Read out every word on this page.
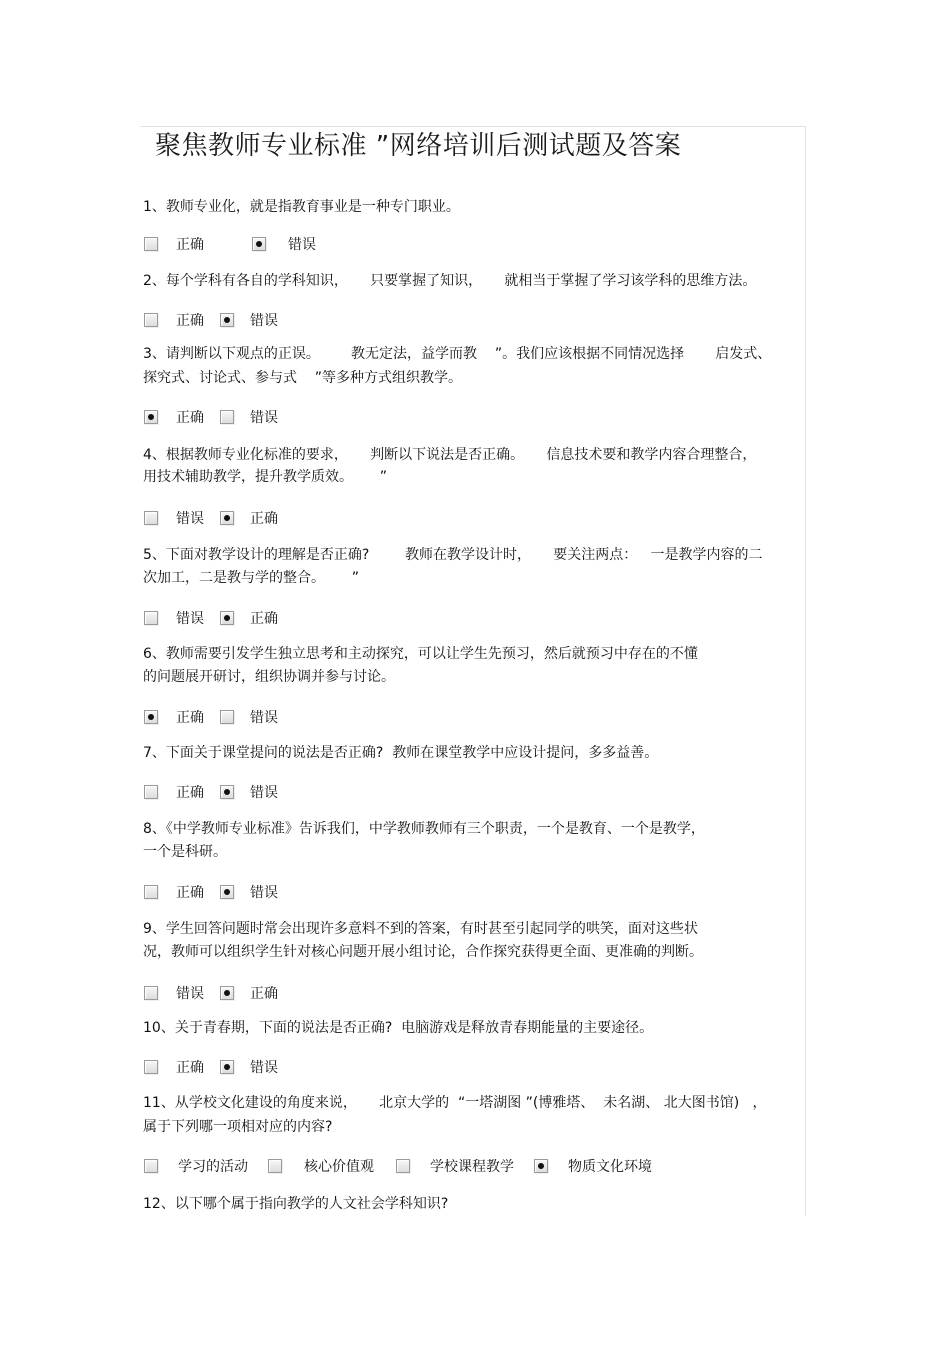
聚焦教师专业标准 ”网络培训后测试题及答案
1、教师专业化，就是指教育事业是一种专门职业。
正确	错误
2、每个学科有各自的学科知识，     只要掌握了知识，     就相当于掌握了学习该学科的思维方法。
正确	错误
3、请判断以下观点的正误。       教无定法，益学而教    ”。我们应该根据不同情况选择       启发式、
探究式、讨论式、参与式    ”等多种方式组织教学。
正确	错误
4、根据教师专业化标准的要求，     判断以下说法是否正确。     信息技术要和教学内容合理整合，
用技术辅助教学，提升教学质效。      ”
错误	正确
5、下面对教学设计的理解是否正确?        教师在教学设计时，     要关注两点：   一是教学内容的二
次加工，二是教与学的整合。      ”
错误	正确
6、教师需要引发学生独立思考和主动探究，可以让学生先预习，然后就预习中存在的不懂
的问题展开研讨，组织协调并参与讨论。
正确	错误
7、下面关于课堂提问的说法是否正确?  教师在课堂教学中应设计提问，多多益善。
正确	错误
8、《中学教师专业标准》告诉我们，中学教师教师有三个职责，一个是教育、一个是教学，
一个是科研。
正确	错误
9、学生回答问题时常会出现许多意料不到的答案，有时甚至引起同学的哄笑，面对这些状
况，教师可以组织学生针对核心问题开展小组讨论，合作探究获得更全面、更准确的判断。
错误	正确
10、关于青春期，下面的说法是否正确?  电脑游戏是释放青春期能量的主要途径。
正确	错误
11、从学校文化建设的角度来说，     北京大学的  “一塔湖图 ”(博雅塔、  未名湖、 北大图书馆)   ，
属于下列哪一项相对应的内容?
学习的活动	核心价值观	学校课程教学	物质文化环境
12、以下哪个属于指向教学的人文社会学科知识?
